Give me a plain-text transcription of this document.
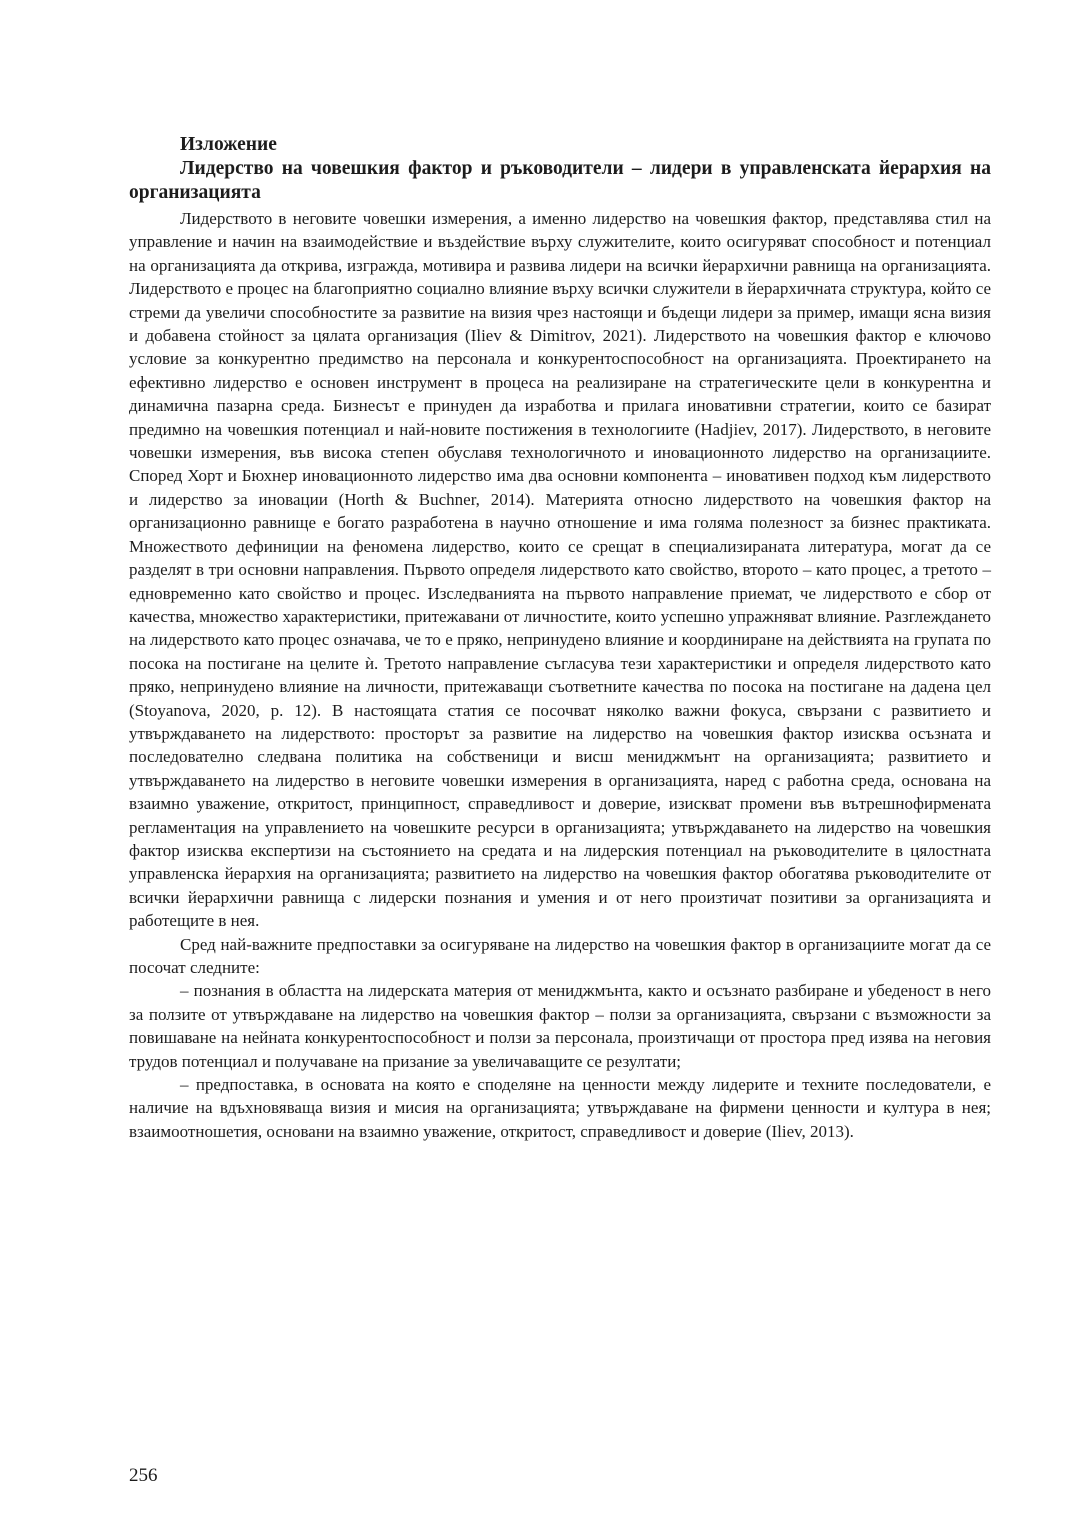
Изложение

Лидерство на човешкия фактор и ръководители – лидери в управленската йерархия на организацията

Лидерството в неговите човешки измерения, а именно лидерство на човешкия фактор, представлява стил на управление и начин на взаимодействие и въздействие върху служителите, които осигуряват способност и потенциал на организацията да открива, изгражда, мотивира и развива лидери на всички йерархични равнища на организацията. Лидерството е процес на благоприятно социално влияние върху всички служители в йерархичната структура, който се стреми да увеличи способностите за развитие на визия чрез настоящи и бъдещи лидери за пример, имащи ясна визия и добавена стойност за цялата организация (Iliev & Dimitrov, 2021). Лидерството на човешкия фактор е ключово условие за конкурентно предимство на персонала и конкурентоспособност на организацията. Проектирането на ефективно лидерство е основен инструмент в процеса на реализиране на стратегическите цели в конкурентна и динамична пазарна среда. Бизнесът е принуден да изработва и прилага иновативни стратегии, които се базират предимно на човешкия потенциал и най-новите постижения в технологиите (Hadjiev, 2017). Лидерството, в неговите човешки измерения, във висока степен обуславя технологичното и иновационното лидерство на организациите. Според Хорт и Бюхнер иновационното лидерство има два основни компонента – иновативен подход към лидерството и лидерство за иновации (Horth & Buchner, 2014). Материята относно лидерството на човешкия фактор на организационно равнище е богато разработена в научно отношение и има голяма полезност за бизнес практиката. Множеството дефиниции на феномена лидерство, които се срещат в специализираната литература, могат да се разделят в три основни направления. Първото определя лидерството като свойство, второто – като процес, а третото – едновременно като свойство и процес. Изследванията на първото направление приемат, че лидерството е сбор от качества, множество характеристики, притежавани от личностите, които успешно упражняват влияние. Разглеждането на лидерството като процес означава, че то е пряко, непринудено влияние и координиране на действията на групата по посока на постигане на целите ѝ. Третото направление съгласува тези характеристики и определя лидерството като пряко, непринудено влияние на личности, притежаващи съответните качества по посока на постигане на дадена цел (Stoyanova, 2020, p. 12). В настоящата статия се посочват няколко важни фокуса, свързани с развитието и утвърждаването на лидерството: просторът за развитие на лидерство на човешкия фактор изисква осъзната и последователно следвана политика на собственици и висш мениджмънт на организацията; развитието и утвърждаването на лидерство в неговите човешки измерения в организацията, наред с работна среда, основана на взаимно уважение, откритост, принципност, справедливост и доверие, изискват промени във вътрешнофирмената регламентация на управлението на човешките ресурси в организацията; утвърждаването на лидерство на човешкия фактор изисква експертизи на състоянието на средата и на лидерския потенциал на ръководителите в цялостната управленска йерархия на организацията; развитието на лидерство на човешкия фактор обогатява ръководителите от всички йерархични равнища с лидерски познания и умения и от него произтичат позитиви за организацията и работещите в нея.

Сред най-важните предпоставки за осигуряване на лидерство на човешкия фактор в организациите могат да се посочат следните:

– познания в областта на лидерската материя от мениджмънта, както и осъзнато разбиране и убеденост в него за ползите от утвърждаване на лидерство на човешкия фактор – ползи за организацията, свързани с възможности за повишаване на нейната конкурентоспособност и ползи за персонала, произтичащи от простора пред изява на неговия трудов потенциал и получаване на призание за увеличаващите се резултати;

– предпоставка, в основата на която е споделяне на ценности между лидерите и техните последователи, е наличие на вдъхновяваща визия и мисия на организацията; утвърждаване на фирмени ценности и култура в нея; взаимоотношетия, основани на взаимно уважение, откритост, справедливост и доверие (Iliev, 2013).

256
